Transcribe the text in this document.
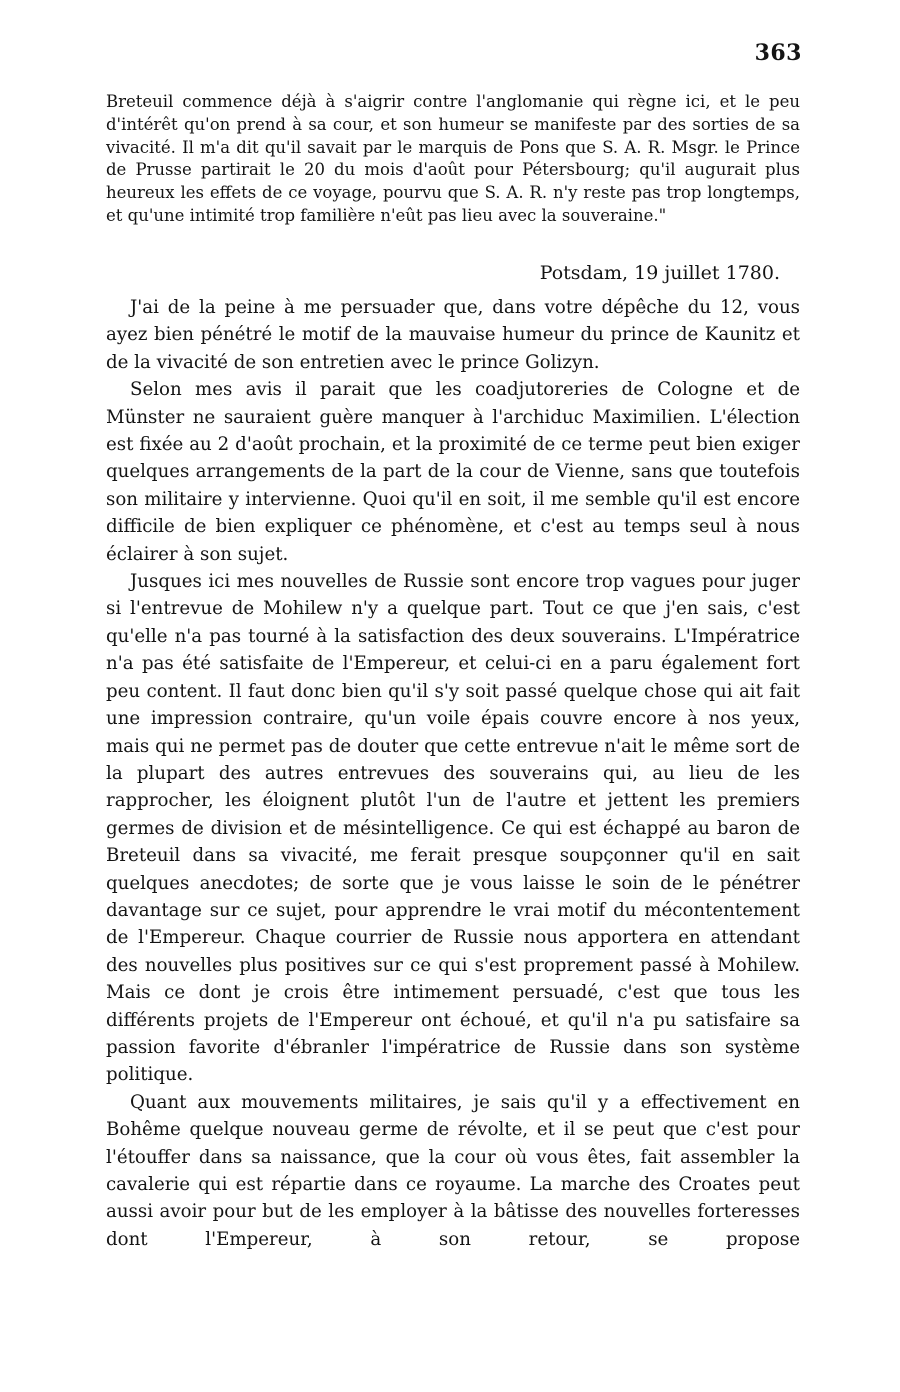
363
Breteuil commence déjà à s'aigrir contre l'anglomanie qui règne ici, et le peu d'intérêt qu'on prend à sa cour, et son humeur se manifeste par des sorties de sa vivacité. Il m'a dit qu'il savait par le marquis de Pons que S. A. R. Msgr. le Prince de Prusse partirait le 20 du mois d'août pour Pétersbourg; qu'il augurait plus heureux les effets de ce voyage, pourvu que S. A. R. n'y reste pas trop longtemps, et qu'une intimité trop familière n'eût pas lieu avec la souveraine."
Potsdam, 19 juillet 1780.

J'ai de la peine à me persuader que, dans votre dépêche du 12, vous ayez bien pénétré le motif de la mauvaise humeur du prince de Kaunitz et de la vivacité de son entretien avec le prince Golizyn.

Selon mes avis il parait que les coadjutoreries de Cologne et de Münster ne sauraient guère manquer à l'archiduc Maximilien. L'élection est fixée au 2 d'août prochain, et la proximité de ce terme peut bien exiger quelques arrangements de la part de la cour de Vienne, sans que toutefois son militaire y intervienne. Quoi qu'il en soit, il me semble qu'il est encore difficile de bien expliquer ce phénomène, et c'est au temps seul à nous éclairer à son sujet.

Jusques ici mes nouvelles de Russie sont encore trop vagues pour juger si l'entrevue de Mohilew n'y a quelque part. Tout ce que j'en sais, c'est qu'elle n'a pas tourné à la satisfaction des deux souverains. L'Impératrice n'a pas été satisfaite de l'Empereur, et celui-ci en a paru également fort peu content. Il faut donc bien qu'il s'y soit passé quelque chose qui ait fait une impression contraire, qu'un voile épais couvre encore à nos yeux, mais qui ne permet pas de douter que cette entrevue n'ait le même sort de la plupart des autres entrevues des souverains qui, au lieu de les rapprocher, les éloignent plutôt l'un de l'autre et jettent les premiers germes de division et de mésintelligence. Ce qui est échappé au baron de Breteuil dans sa vivacité, me ferait presque soupçonner qu'il en sait quelques anecdotes; de sorte que je vous laisse le soin de le pénétrer davantage sur ce sujet, pour apprendre le vrai motif du mécontentement de l'Empereur. Chaque courrier de Russie nous apportera en attendant des nouvelles plus positives sur ce qui s'est proprement passé à Mohilew. Mais ce dont je crois être intimement persuadé, c'est que tous les différents projets de l'Empereur ont échoué, et qu'il n'a pu satisfaire sa passion favorite d'ébranler l'impératrice de Russie dans son système politique.

Quant aux mouvements militaires, je sais qu'il y a effectivement en Bohême quelque nouveau germe de révolte, et il se peut que c'est pour l'étouffer dans sa naissance, que la cour où vous êtes, fait assembler la cavalerie qui est répartie dans ce royaume. La marche des Croates peut aussi avoir pour but de les employer à la bâtisse des nouvelles forteresses dont l'Empereur, à son retour, se propose
